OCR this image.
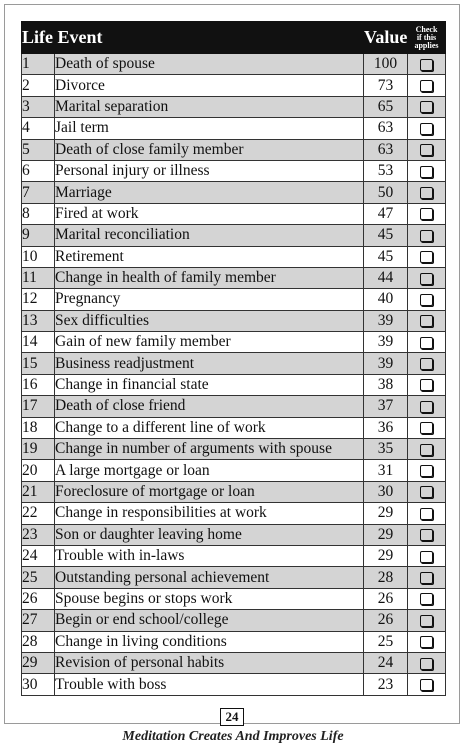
Life Event		Value	Check
if this
applies
1	Death of spouse	100	
2	Divorce	73	
3	Marital separation	65	
4	Jail term	63	
5	Death of close family member	63	
6	Personal injury or illness	53	
7	Marriage	50	
8	Fired at work	47	
9	Marital reconciliation	45	
10	Retirement	45	
11	Change in health of family member	44	
12	Pregnancy	40	
13	Sex difficulties	39	
14	Gain of new family member	39	
15	Business readjustment	39	
16	Change in financial state	38	
17	Death of close friend	37	
18	Change to a different line of work	36	
19	Change in number of arguments with spouse	35	
20	A large mortgage or loan	31	
21	Foreclosure of mortgage or loan	30	
22	Change in responsibilities at work	29	
23	Son or daughter leaving home	29	
24	Trouble with in-laws	29	
25	Outstanding personal achievement	28	
26	Spouse begins or stops work	26	
27	Begin or end school/college	26	
28	Change in living conditions	25	
29	Revision of personal habits	24	
30	Trouble with boss	23	
24
Meditation Creates And Improves Life
